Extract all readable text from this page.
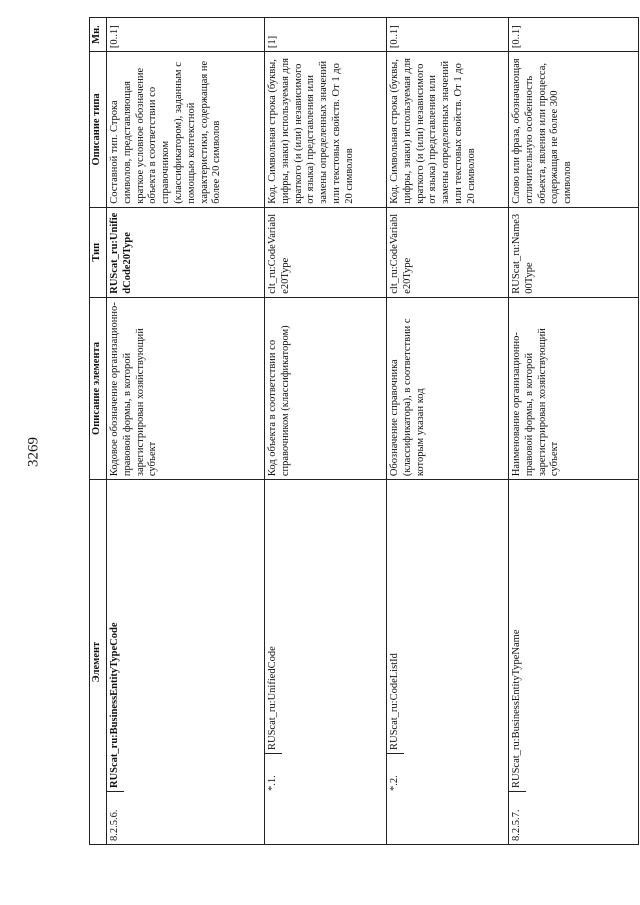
3269
Элемент	Описание элемента	Тип	Описание типа	Мн.

8.2.5.6.
RUScat_ru:BusinessEntityTypeCode	Кодовое обозначение организационно-правовой формы, в которой зарегистрирован хозяйствующий субъект	RUScat_ru:UnifiedCode20Type	Составной тип. Строка символов, представляющая краткое условное обозначение объекта в соответствии со справочником (классификатором), заданным с помощью контекстной характеристики, содержащая не более 20 символов	[0..1]

*.1.
RUScat_ru:UnifiedCode	Код объекта в соответствии со справочником (классификатором)	clt_ru:CodeVariable20Type	Код. Символьная строка (буквы, цифры, знаки) используемая для краткого (и (или) независимого от языка) представления или замены определенных значений или текстовых свойств. От 1 до 20 символов	[1]

*.2.
RUScat_ru:CodeListId	Обозначение справочника (классификатора), в соответствии с которым указан код	clt_ru:CodeVariable20Type	Код. Символьная строка (буквы, цифры, знаки) используемая для краткого (и (или) независимого от языка) представления или замены определенных значений или текстовых свойств. От 1 до 20 символов	[0..1]

8.2.5.7.
RUScat_ru:BusinessEntityTypeName	Наименование организационно-правовой формы, в которой зарегистрирован хозяйствующий субъект	RUScat_ru:Name300Type	Слово или фраза, обозначающая отличительную особенность объекта, явления или процесса, содержащая не более 300 символов	[0..1]
